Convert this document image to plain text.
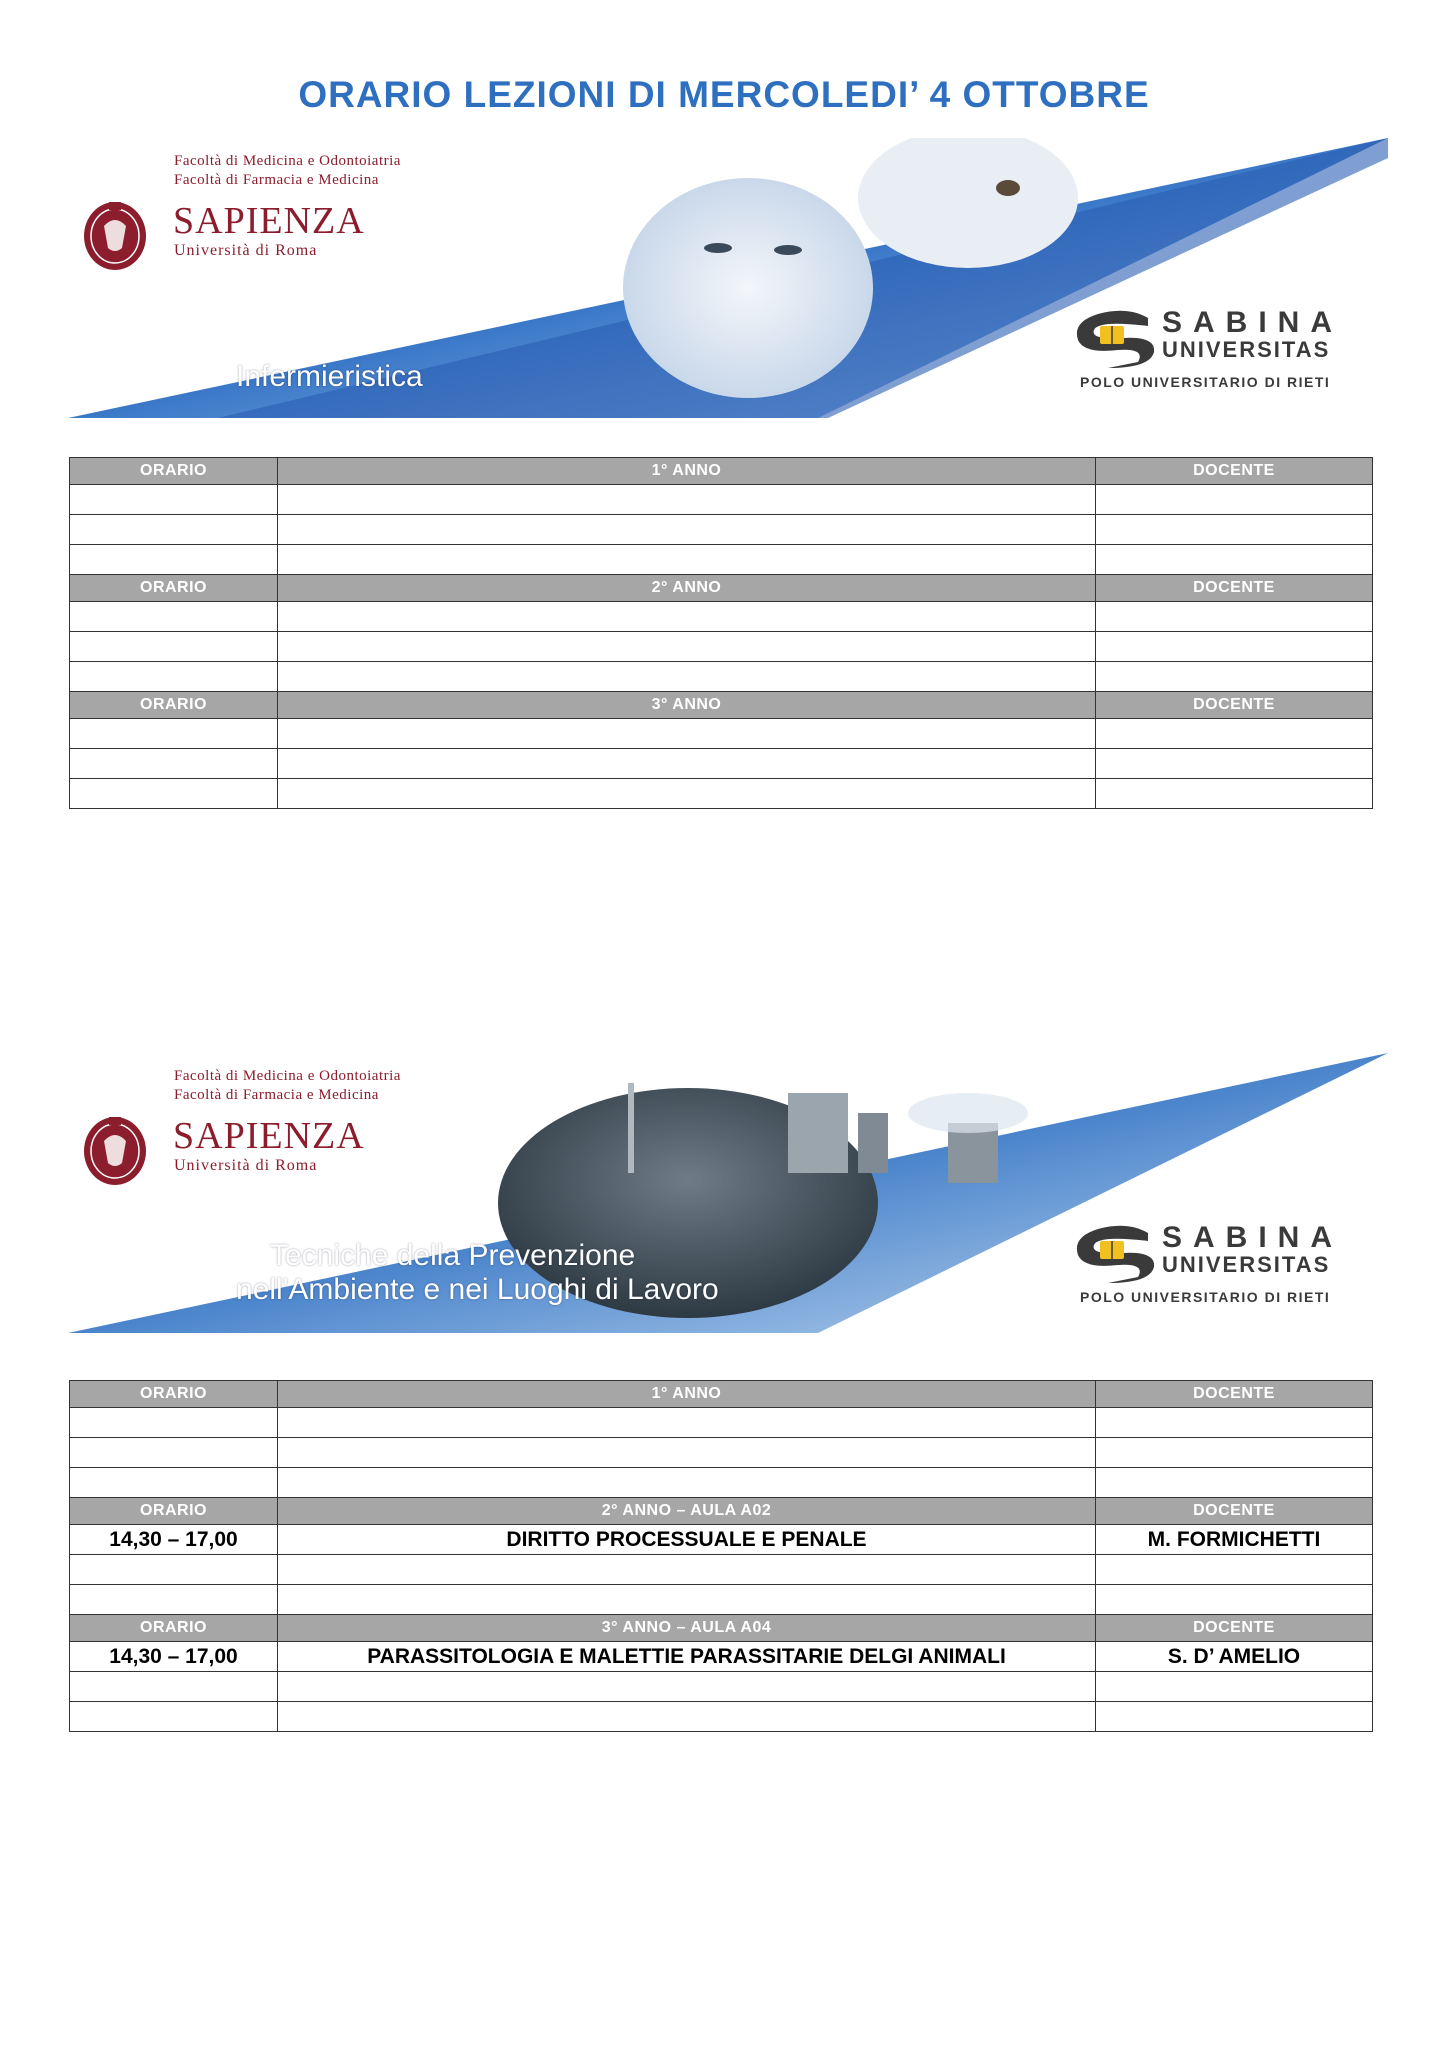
ORARIO LEZIONI DI MERCOLEDI’ 4 OTTOBRE
Facoltà di Medicina e Odontoiatria
Facoltà di Farmacia e Medicina
SAPIENZA
Università di Roma
Infermieristica
SABINA
UNIVERSITAS
POLO UNIVERSITARIO DI RIETI
ORARIO	1° ANNO	DOCENTE

ORARIO	2° ANNO	DOCENTE

ORARIO	3° ANNO	DOCENTE

Facoltà di Medicina e Odontoiatria
Facoltà di Farmacia e Medicina
SAPIENZA
Università di Roma
Tecniche della Prevenzione
nell'Ambiente e nei Luoghi di Lavoro
SABINA
UNIVERSITAS
POLO UNIVERSITARIO DI RIETI
ORARIO	1° ANNO	DOCENTE

ORARIO	2° ANNO – AULA A02	DOCENTE
14,30 – 17,00	DIRITTO PROCESSUALE E PENALE	M. FORMICHETTI

ORARIO	3° ANNO – AULA A04	DOCENTE
14,30 – 17,00	PARASSITOLOGIA E MALETTIE PARASSITARIE DELGI ANIMALI	S. D’ AMELIO
